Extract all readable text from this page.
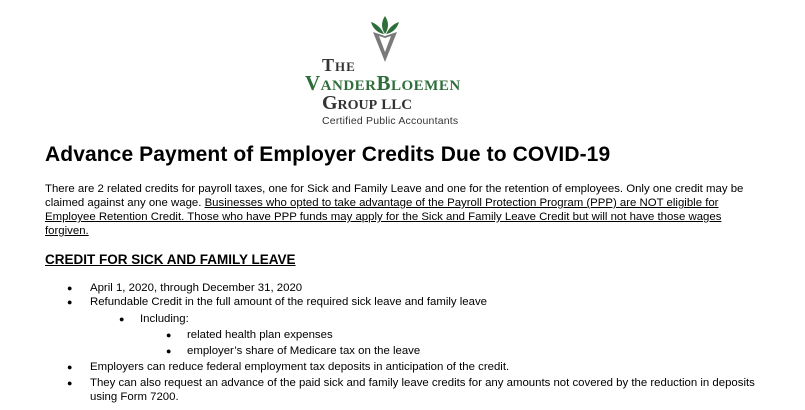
The
VanderBloemen
Group LLC
Certified Public Accountants
Advance Payment of Employer Credits Due to COVID-19

There are 2 related credits for payroll taxes, one for Sick and Family Leave and one for the retention of employees. Only one credit may be claimed against any one wage. Businesses who opted to take advantage of the Payroll Protection Program (PPP) are NOT eligible for Employee Retention Credit. Those who have PPP funds may apply for the Sick and Family Leave Credit but will not have those wages forgiven.

CREDIT FOR SICK AND FAMILY LEAVE
● April 1, 2020, through December 31, 2020
● Refundable Credit in the full amount of the required sick leave and family leave
● Including:
● related health plan expenses
● employer’s share of Medicare tax on the leave
● Employers can reduce federal employment tax deposits in anticipation of the credit.
● They can also request an advance of the paid sick and family leave credits for any amounts not covered by the reduction in deposits using Form 7200.
